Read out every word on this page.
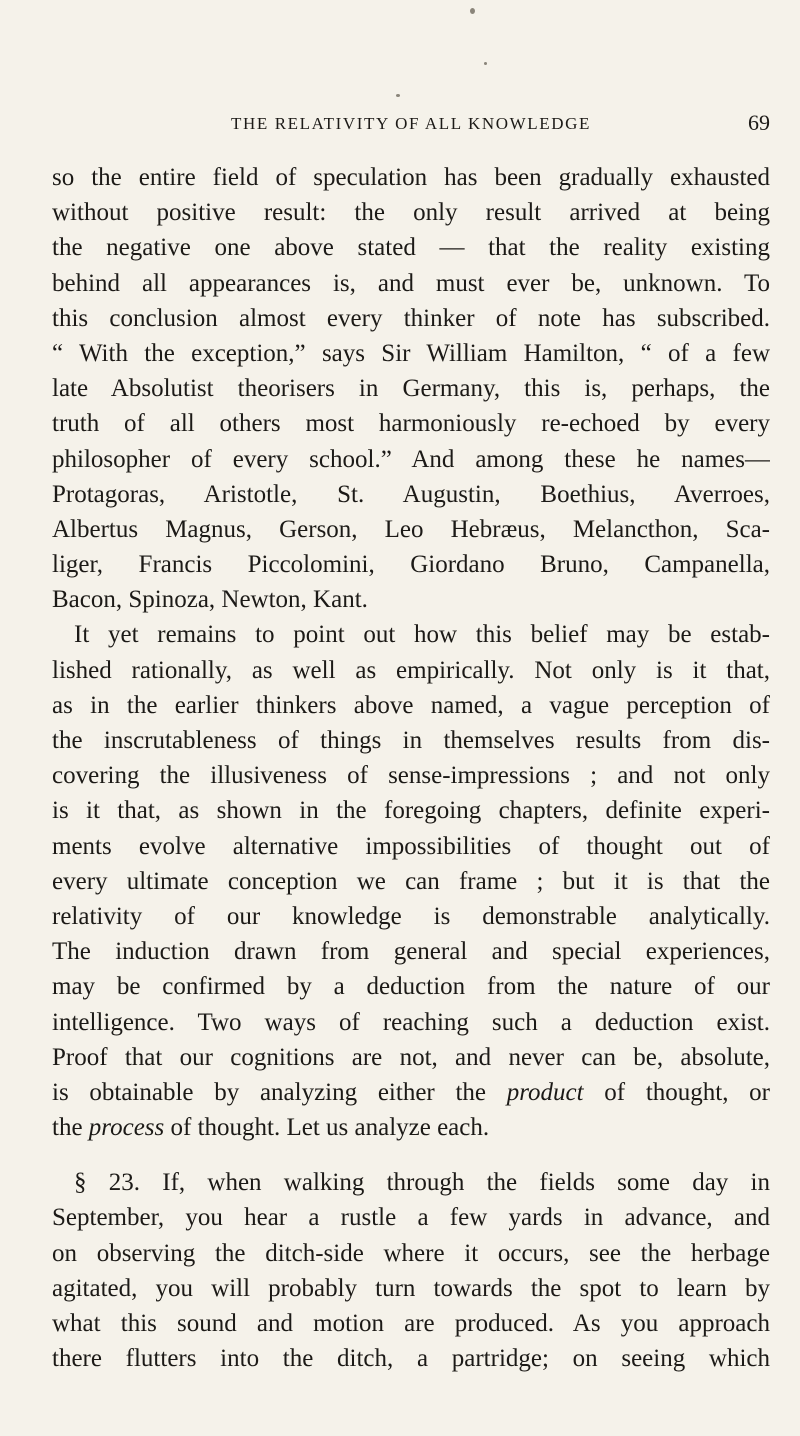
THE RELATIVITY OF ALL KNOWLEDGE	69
so the entire field of speculation has been gradually exhausted
without positive result: the only result arrived at being
the negative one above stated — that the reality existing
behind all appearances is, and must ever be, unknown. To
this conclusion almost every thinker of note has subscribed.
“ With the exception,” says Sir William Hamilton, “ of a few
late Absolutist theorisers in Germany, this is, perhaps, the
truth of all others most harmoniously re-echoed by every
philosopher of every school.” And among these he names—
Protagoras, Aristotle, St. Augustin, Boethius, Averroes,
Albertus Magnus, Gerson, Leo Hebræus, Melancthon, Sca-
liger, Francis Piccolomini, Giordano Bruno, Campanella,
Bacon, Spinoza, Newton, Kant.
It yet remains to point out how this belief may be estab-
lished rationally, as well as empirically. Not only is it that,
as in the earlier thinkers above named, a vague perception of
the inscrutableness of things in themselves results from dis-
covering the illusiveness of sense-impressions ; and not only
is it that, as shown in the foregoing chapters, definite experi-
ments evolve alternative impossibilities of thought out of
every ultimate conception we can frame ; but it is that the
relativity of our knowledge is demonstrable analytically.
The induction drawn from general and special experiences,
may be confirmed by a deduction from the nature of our
intelligence. Two ways of reaching such a deduction exist.
Proof that our cognitions are not, and never can be, absolute,
is obtainable by analyzing either the product of thought, or
the process of thought. Let us analyze each.
§ 23. If, when walking through the fields some day in
September, you hear a rustle a few yards in advance, and
on observing the ditch-side where it occurs, see the herbage
agitated, you will probably turn towards the spot to learn by
what this sound and motion are produced. As you approach
there flutters into the ditch, a partridge; on seeing which
